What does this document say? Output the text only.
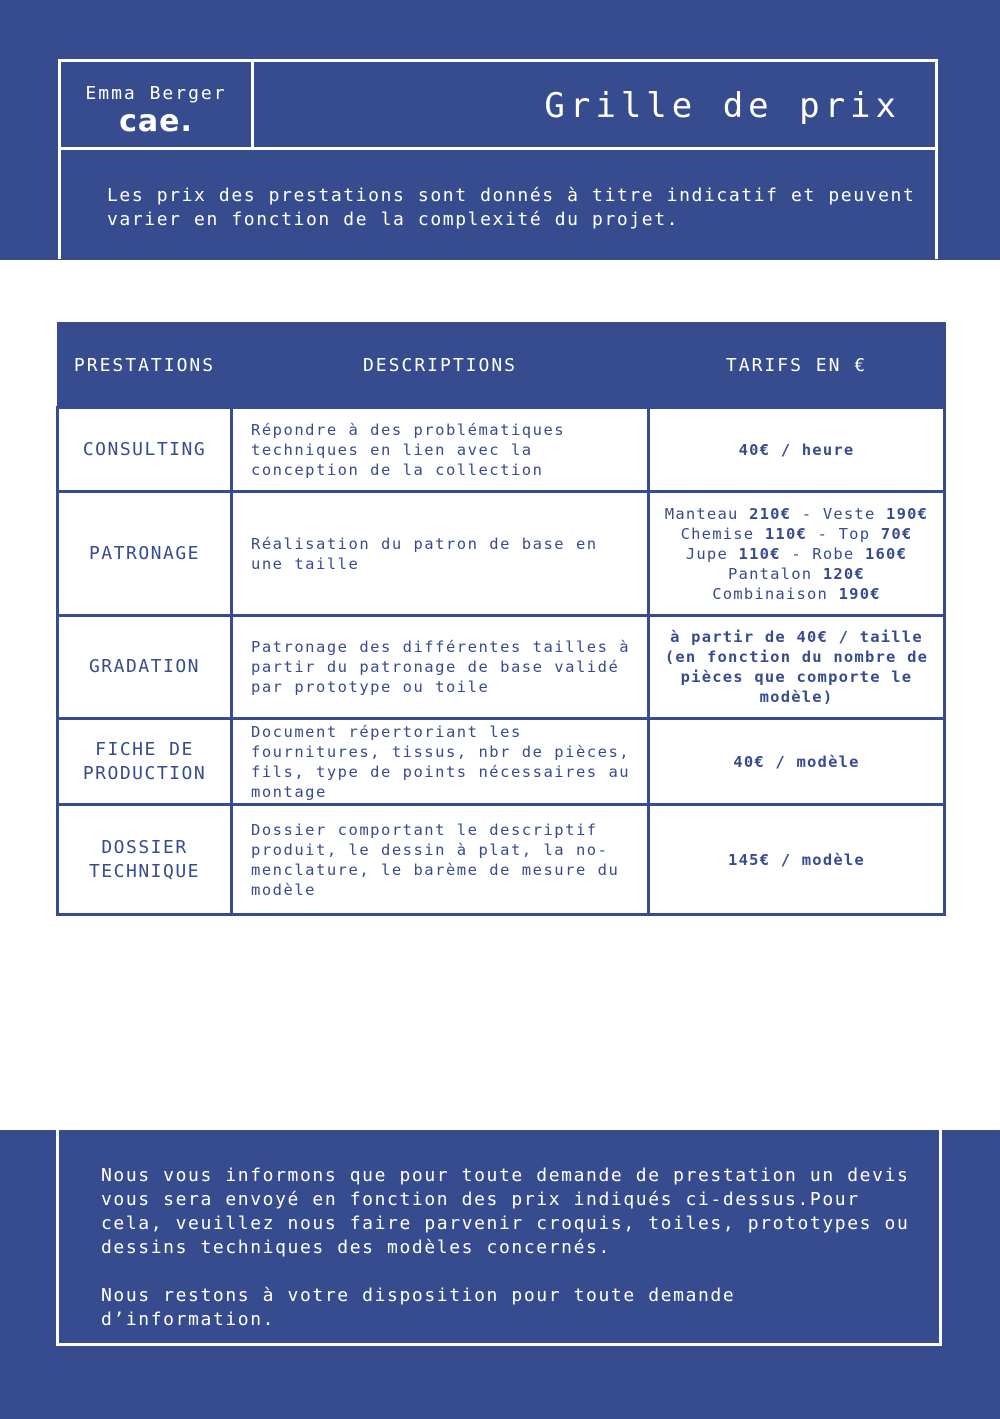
Emma Berger
cae.	Grille de prix
Les prix des prestations sont donnés à titre indicatif et peuvent varier en fonction de la complexité du projet.
PRESTATIONS	DESCRIPTIONS	TARIFS EN €
CONSULTING	Répondre à des problématiques techniques en lien avec la conception de la collection	40€ / heure
PATRONAGE	Réalisation du patron de base en une taille	Manteau 210€ - Veste 190€
Chemise 110€ - Top 70€
Jupe 110€ - Robe 160€
Pantalon 120€
Combinaison 190€

GRADATION	Patronage des différentes tailles à partir du patronage de base validé par prototype ou toile	à partir de 40€ / taille (en fonction du nombre de pièces que comporte le modèle)
FICHE DE PRODUCTION	Document répertoriant les fournitures, tissus, nbr de pièces, fils, type de points nécessaires au montage	40€ / modèle
DOSSIER TECHNIQUE	Dossier comportant le descriptif produit, le dessin à plat, la no-menclature, le barème de mesure du modèle	145€ / modèle

Nous vous informons que pour toute demande de prestation un devis vous sera envoyé en fonction des prix indiqués ci-dessus.Pour cela, veuillez nous faire parvenir croquis, toiles, prototypes ou dessins techniques des modèles concernés.

Nous restons à votre disposition pour toute demande d’information.
